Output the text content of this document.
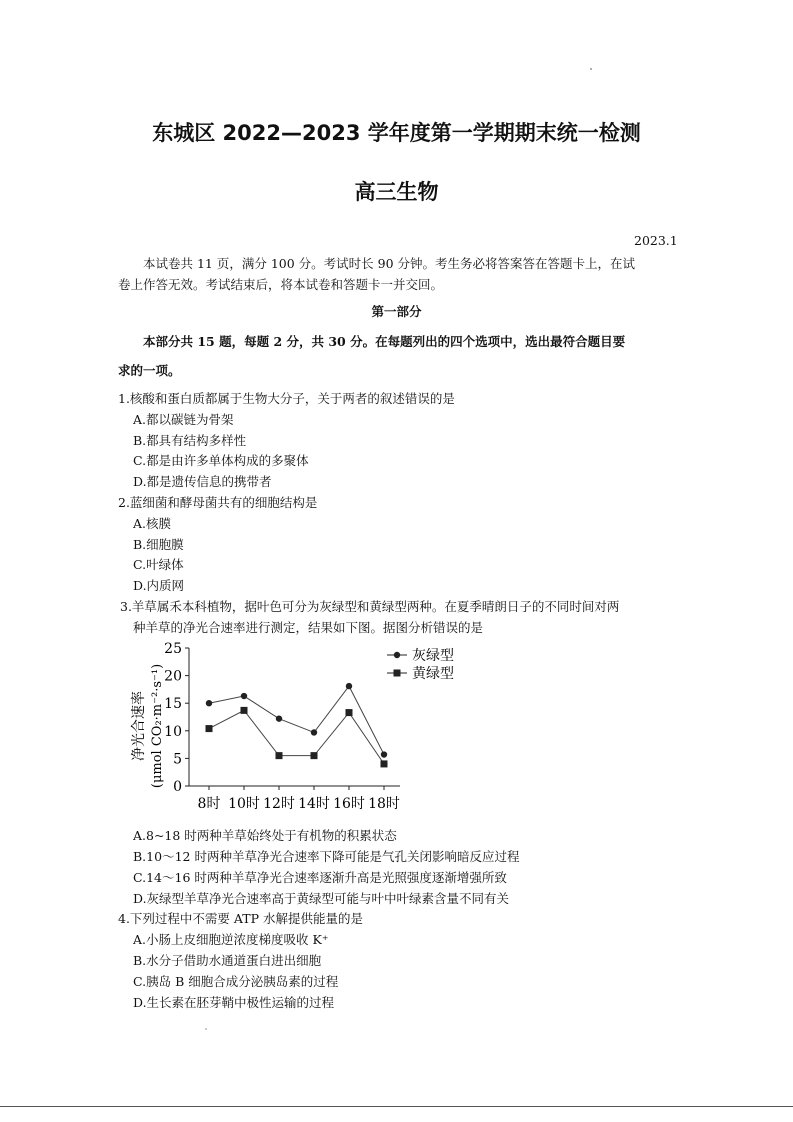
东城区 2022—2023 学年度第一学期期末统一检测
高三生物
2023.1
本试卷共 11 页，满分 100 分。考试时长 90 分钟。考生务必将答案答在答题卡上，在试
卷上作答无效。考试结束后，将本试卷和答题卡一并交回。
第一部分
本部分共 15 题，每题 2 分，共 30 分。在每题列出的四个选项中，选出最符合题目要
求的一项。
1.核酸和蛋白质都属于生物大分子，关于两者的叙述错误的是
A.都以碳链为骨架
B.都具有结构多样性
C.都是由许多单体构成的多聚体
D.都是遗传信息的携带者
2.蓝细菌和酵母菌共有的细胞结构是
A.核膜
B.细胞膜
C.叶绿体
D.内质网
3.羊草属禾本科植物，据叶色可分为灰绿型和黄绿型两种。在夏季晴朗日子的不同时间对两
种羊草的净光合速率进行测定，结果如下图。据图分析错误的是
净光合速率 (μmol CO₂·m⁻²·s⁻¹) 0
5
10
15
20
25
8时 10时 12时 14时 16时 18时
灰绿型
黄绿型
A.8~18 时两种羊草始终处于有机物的积累状态
B.10～12 时两种羊草净光合速率下降可能是气孔关闭影响暗反应过程
C.14～16 时两种羊草净光合速率逐渐升高是光照强度逐渐增强所致
D.灰绿型羊草净光合速率高于黄绿型可能与叶中叶绿素含量不同有关
4.下列过程中不需要 ATP 水解提供能量的是
A.小肠上皮细胞逆浓度梯度吸收 K⁺
B.水分子借助水通道蛋白进出细胞
C.胰岛 B 细胞合成分泌胰岛素的过程
D.生长素在胚芽鞘中极性运输的过程
